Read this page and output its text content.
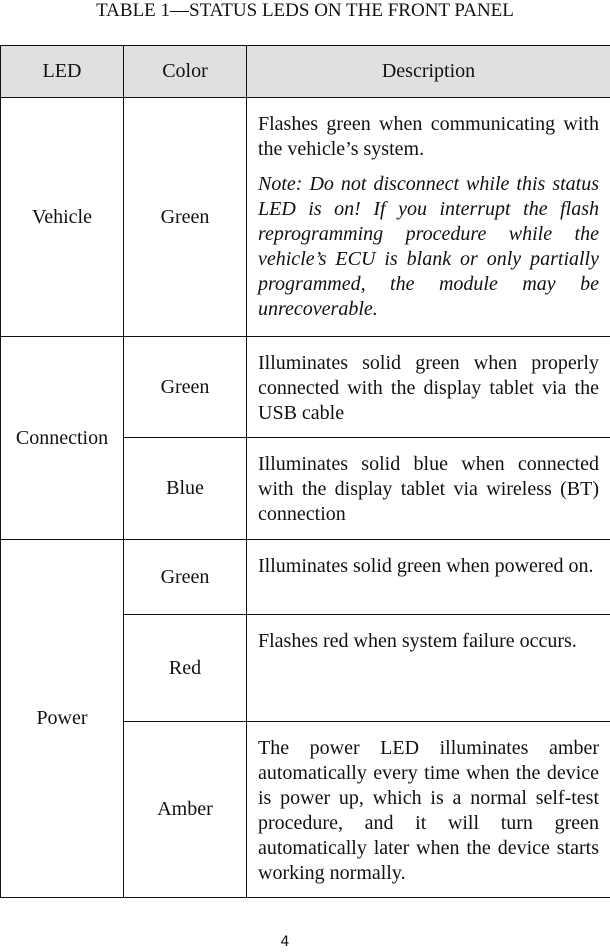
TABLE 1—STATUS LEDS ON THE FRONT PANEL
LED	Color	Description
Vehicle	Green	Flashes green when communicating with the vehicle’s system.

Note: Do not disconnect while this status LED is on! If you interrupt the flash reprogramming procedure while the vehicle’s ECU is blank or only partially programmed, the module may be unrecoverable.

Connection	Green	Illuminates solid green when properly connected with the display tablet via the USB cable
	Blue	Illuminates solid blue when connected with the display tablet via wireless (BT) connection
Power	Green	Illuminates solid green when powered on.
	Red	Flashes red when system failure occurs.
	Amber	The power LED illuminates amber automatically every time when the device is power up, which is a normal self-test procedure, and it will turn green automatically later when the device starts working normally.
4
